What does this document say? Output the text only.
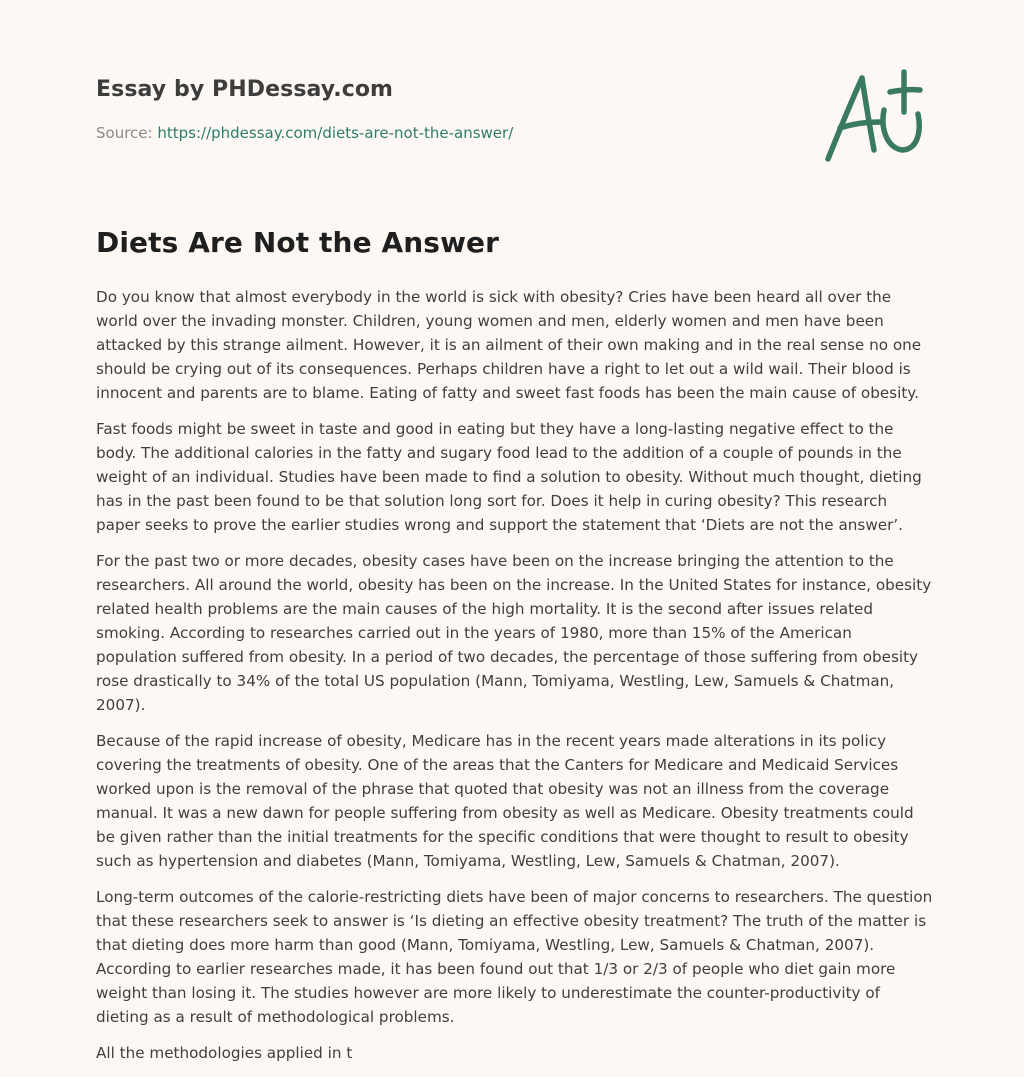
Essay by PHDessay.com
Source: https://phdessay.com/diets-are-not-the-answer/
Diets Are Not the Answer

Do you know that almost everybody in the world is sick with obesity? Cries have been heard all over the world over the invading monster. Children, young women and men, elderly women and men have been attacked by this strange ailment. However, it is an ailment of their own making and in the real sense no one should be crying out of its consequences. Perhaps children have a right to let out a wild wail. Their blood is innocent and parents are to blame. Eating of fatty and sweet fast foods has been the main cause of obesity.

Fast foods might be sweet in taste and good in eating but they have a long-lasting negative effect to the body. The additional calories in the fatty and sugary food lead to the addition of a couple of pounds in the weight of an individual. Studies have been made to find a solution to obesity. Without much thought, dieting has in the past been found to be that solution long sort for. Does it help in curing obesity? This research paper seeks to prove the earlier studies wrong and support the statement that ‘Diets are not the answer’.

For the past two or more decades, obesity cases have been on the increase bringing the attention to the researchers. All around the world, obesity has been on the increase. In the United States for instance, obesity related health problems are the main causes of the high mortality. It is the second after issues related smoking. According to researches carried out in the years of 1980, more than 15% of the American population suffered from obesity. In a period of two decades, the percentage of those suffering from obesity rose drastically to 34% of the total US population (Mann, Tomiyama, Westling, Lew, Samuels & Chatman, 2007).

Because of the rapid increase of obesity, Medicare has in the recent years made alterations in its policy covering the treatments of obesity. One of the areas that the Canters for Medicare and Medicaid Services worked upon is the removal of the phrase that quoted that obesity was not an illness from the coverage manual. It was a new dawn for people suffering from obesity as well as Medicare. Obesity treatments could be given rather than the initial treatments for the specific conditions that were thought to result to obesity such as hypertension and diabetes (Mann, Tomiyama, Westling, Lew, Samuels & Chatman, 2007).

Long-term outcomes of the calorie-restricting diets have been of major concerns to researchers. The question that these researchers seek to answer is ‘Is dieting an effective obesity treatment? The truth of the matter is that dieting does more harm than good (Mann, Tomiyama, Westling, Lew, Samuels & Chatman, 2007). According to earlier researches made, it has been found out that 1/3 or 2/3 of people who diet gain more weight than losing it. The studies however are more likely to underestimate the counter-productivity of dieting as a result of methodological problems.

All the methodologies applied in t
